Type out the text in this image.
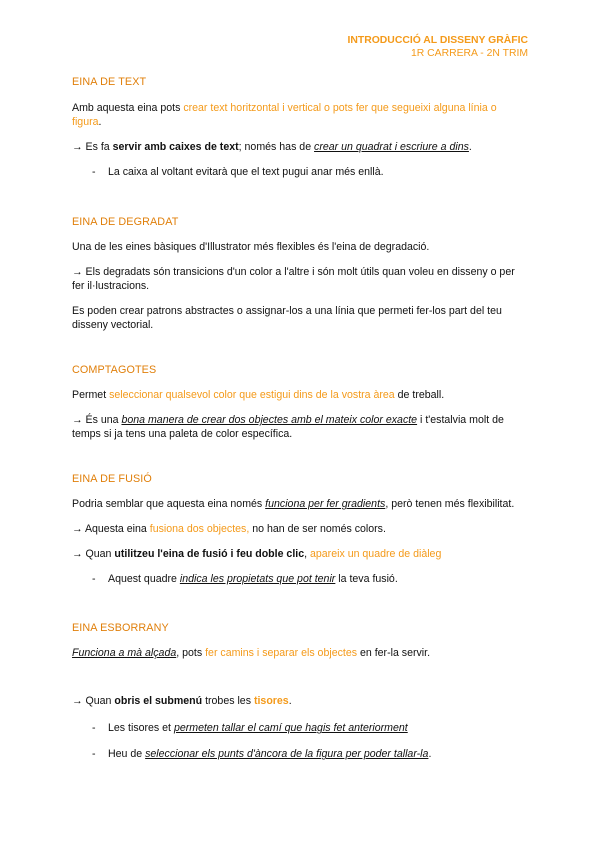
INTRODUCCIÓ AL DISSENY GRÀFIC
1R CARRERA - 2N TRIM
EINA DE TEXT

Amb aquesta eina pots crear text horitzontal i vertical o pots fer que segueixi alguna línia o figura.

→ Es fa servir amb caixes de text; només has de crear un quadrat i escriure a dins.

- La caixa al voltant evitarà que el text pugui anar més enllà.

EINA DE DEGRADAT

Una de les eines bàsiques d'Illustrator més flexibles és l'eina de degradació.

→ Els degradats són transicions d'un color a l'altre i són molt útils quan voleu en disseny o per fer il·lustracions.

Es poden crear patrons abstractes o assignar-los a una línia que permeti fer-los part del teu disseny vectorial.

COMPTAGOTES

Permet seleccionar qualsevol color que estigui dins de la vostra àrea de treball.

→ És una bona manera de crear dos objectes amb el mateix color exacte i t'estalvia molt de temps si ja tens una paleta de color específica.

EINA DE FUSIÓ

Podria semblar que aquesta eina només funciona per fer gradients, però tenen més flexibilitat.

→ Aquesta eina fusiona dos objectes, no han de ser només colors.

→ Quan utilitzeu l'eina de fusió i feu doble clic, apareix un quadre de diàleg

- Aquest quadre indica les propietats que pot tenir la teva fusió.

EINA ESBORRANY

Funciona a mà alçada, pots fer camins i separar els objectes en fer-la servir.

→ Quan obris el submenú trobes les tisores.

- Les tisores et permeten tallar el camí que hagis fet anteriorment

- Heu de seleccionar els punts d'àncora de la figura per poder tallar-la.
